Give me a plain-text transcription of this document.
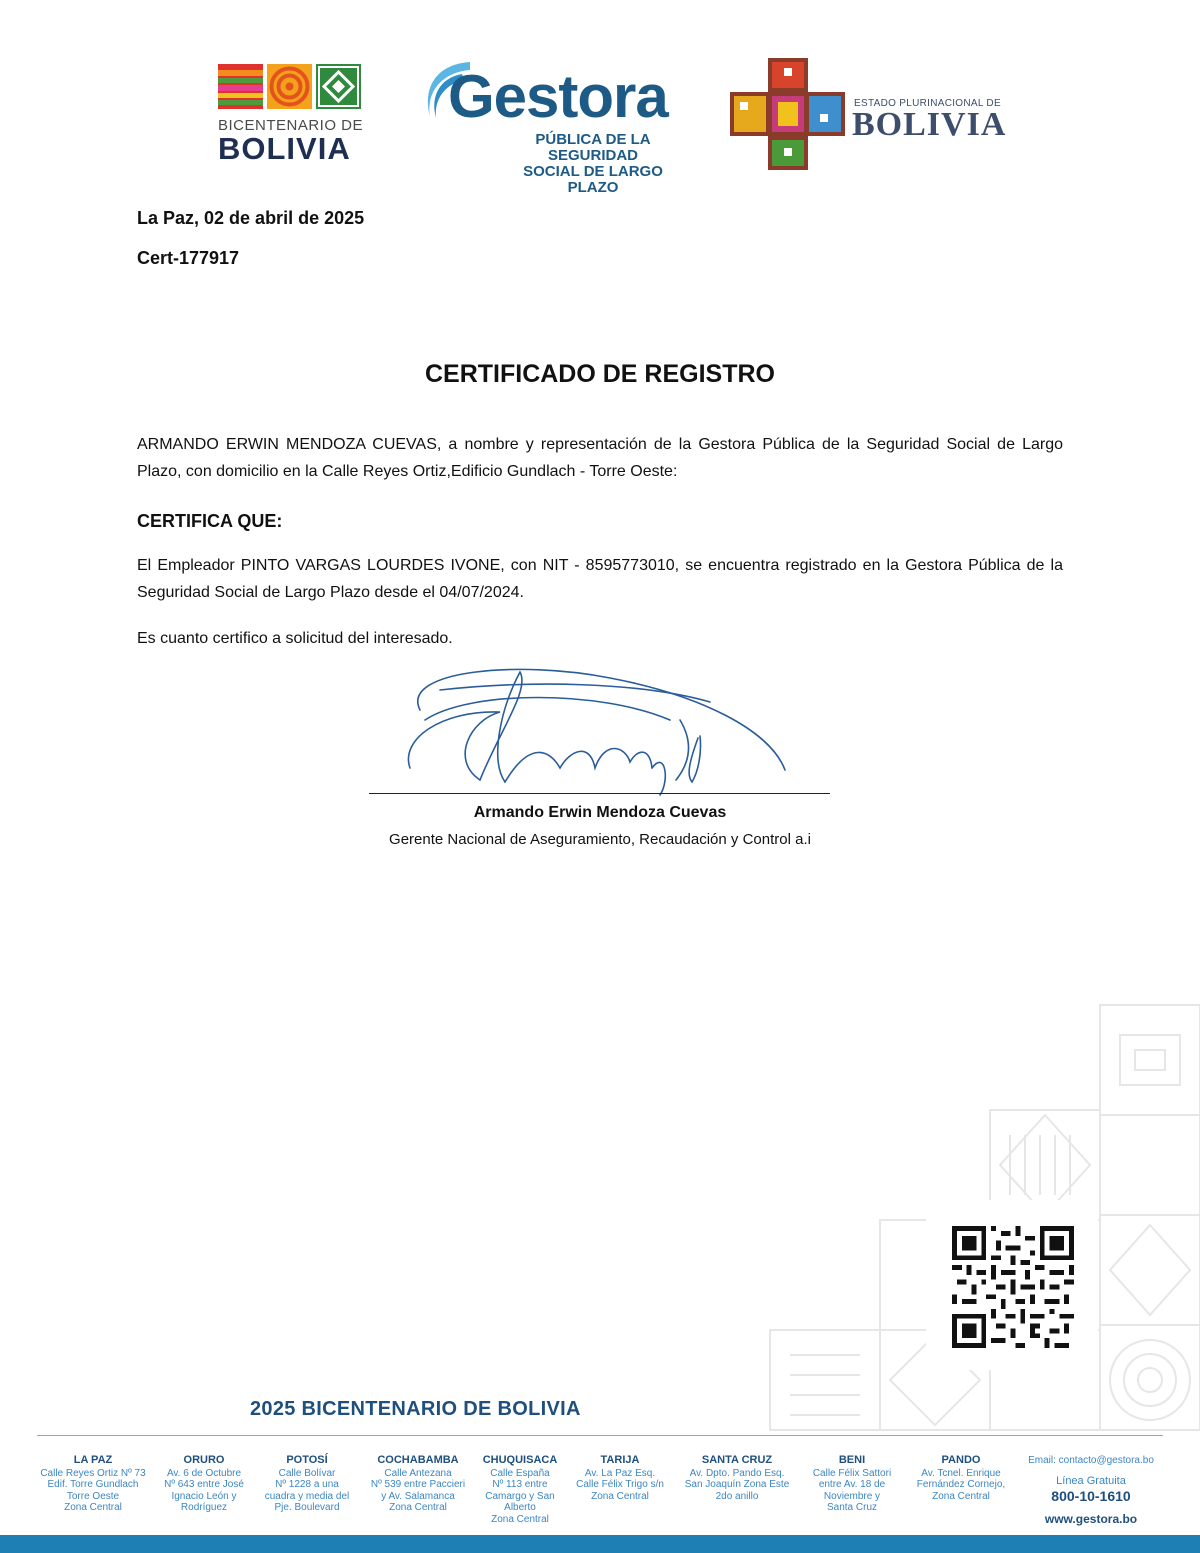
BICENTENARIO DE
BOLIVIA
Gestora
PÚBLICA DE LA SEGURIDAD
SOCIAL DE LARGO PLAZO
ESTADO PLURINACIONAL DE
BOLIVIA
La Paz, 02 de abril de 2025
Cert-177917
CERTIFICADO DE REGISTRO
ARMANDO ERWIN MENDOZA CUEVAS, a nombre y representación de la Gestora Pública de la Seguridad Social de Largo Plazo, con domicilio en la Calle Reyes Ortiz,Edificio Gundlach - Torre Oeste:
CERTIFICA QUE:
El Empleador PINTO VARGAS LOURDES IVONE, con NIT - 8595773010, se encuentra registrado en la Gestora Pública de la Seguridad Social de Largo Plazo desde el 04/07/2024.
Es cuanto certifico a solicitud del interesado.
Armando Erwin Mendoza Cuevas
Gerente Nacional de Aseguramiento, Recaudación y Control a.i
2025 BICENTENARIO DE BOLIVIA
LA PAZ
Calle Reyes Ortiz Nº 73
Edif. Torre Gundlach
Torre Oeste
Zona Central
ORURO
Av. 6 de Octubre
Nº 643 entre José
Ignacio León y
Rodríguez
POTOSÍ
Calle Bolívar
Nº 1228 a una
cuadra y media del
Pje. Boulevard
COCHABAMBA
Calle Antezana
Nº 539 entre Paccieri
y Av. Salamanca
Zona Central
CHUQUISACA
Calle España
Nº 113 entre
Camargo y San
Alberto
Zona Central
TARIJA
Av. La Paz Esq.
Calle Félix Trigo s/n
Zona Central
SANTA CRUZ
Av. Dpto. Pando Esq.
San Joaquín Zona Este
2do anillo
BENI
Calle Félix Sattori
entre Av. 18 de
Noviembre y
Santa Cruz
PANDO
Av. Tcnel. Enrique
Fernández Cornejo,
Zona Central
Email: contacto@gestora.bo
Línea Gratuita
800-10-1610
www.gestora.bo
